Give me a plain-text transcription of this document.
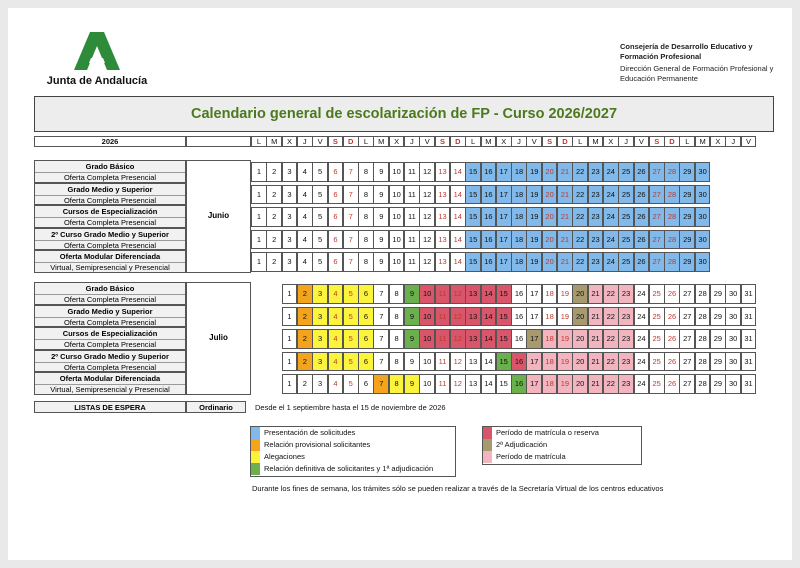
Junta de Andalucía
Consejería de Desarrollo Educativo y
Formación Profesional
Dirección General de Formación Profesional y
Educación Permanente
Calendario general de escolarización de FP - Curso 2026/2027
2026	L	M	X	J	V	S	D	L	M	X	J	V	S	D	L	M	X	J	V	S	D	L	M	X	J	V	S	D	L	M	X	J	V
Grado Básico
Oferta Completa Presencial
1	2	3	4	5	6	7	8	9	10 11 12 13 14 15 16 17 18 19 20 21 22 23 24 25 26 27 28 29 30
Grado Medio y Superior
Oferta Completa Presencial
1	2	3	4	5	6	7	8	9	10 11 12 13 14 15 16 17 18 19 20 21 22 23 24 25 26 27 28 29 30
Cursos de Especialización
Oferta Completa Presencial
1	2	3	4	5	6	7	8	9	10 11 12 13 14 15 16 17 18 19 20 21 22 23 24 25 26 27 28 29 30
2º Curso Grado Medio y Superior
Oferta Completa Presencial
1	2	3	4	5	6	7	8	9	10 11 12 13 14 15 16 17 18 19 20 21 22 23 24 25 26 27 28 29 30
Oferta Modular Diferenciada
Virtual, Semipresencial y Presencial
1	2	3	4	5	6	7	8	9	10 11 12 13 14 15 16 17 18 19 20 21 22 23 24 25 26 27 28 29 30
Junio
Grado Básico
Oferta Completa Presencial
1	2	3	4	5	6	7	8	9	10 11 12 13 14 15 16 17 18 19 20 21 22 23 24 25 26 27 28 29 30 31
Grado Medio y Superior
Oferta Completa Presencial
1	2	3	4	5	6	7	8	9	10 11 12 13 14 15 16 17 18 19 20 21 22 23 24 25 26 27 28 29 30 31
Cursos de Especialización
Oferta Completa Presencial
1	2	3	4	5	6	7	8	9	10 11 12 13 14 15 16 17 18 19 20 21 22 23 24 25 26 27 28 29 30 31
2º Curso Grado Medio y Superior
Oferta Completa Presencial
1	2	3	4	5	6	7	8	9	10 11 12 13 14 15 16 17 18 19 20 21 22 23 24 25 26 27 28 29 30 31
Oferta Modular Diferenciada
Virtual, Semipresencial y Presencial
1	2	3	4	5	6	7	8	9	10 11 12 13 14 15 16 17 18 19 20 21 22 23 24 25 26 27 28 29 30 31
Julio
LISTAS DE ESPERA	Ordinario	Desde el 1 septiembre hasta el 15 de noviembre de 2026
Presentación de solicitudes
Relación provisional solicitantes
Alegaciones
Relación definitiva de solicitantes y 1ª adjudicación
Período de matrícula o reserva
2ª Adjudicación
Período de matrícula
Durante los fines de semana, los trámites sólo se pueden realizar a través de la Secretaría Virtual de los centros educativos
